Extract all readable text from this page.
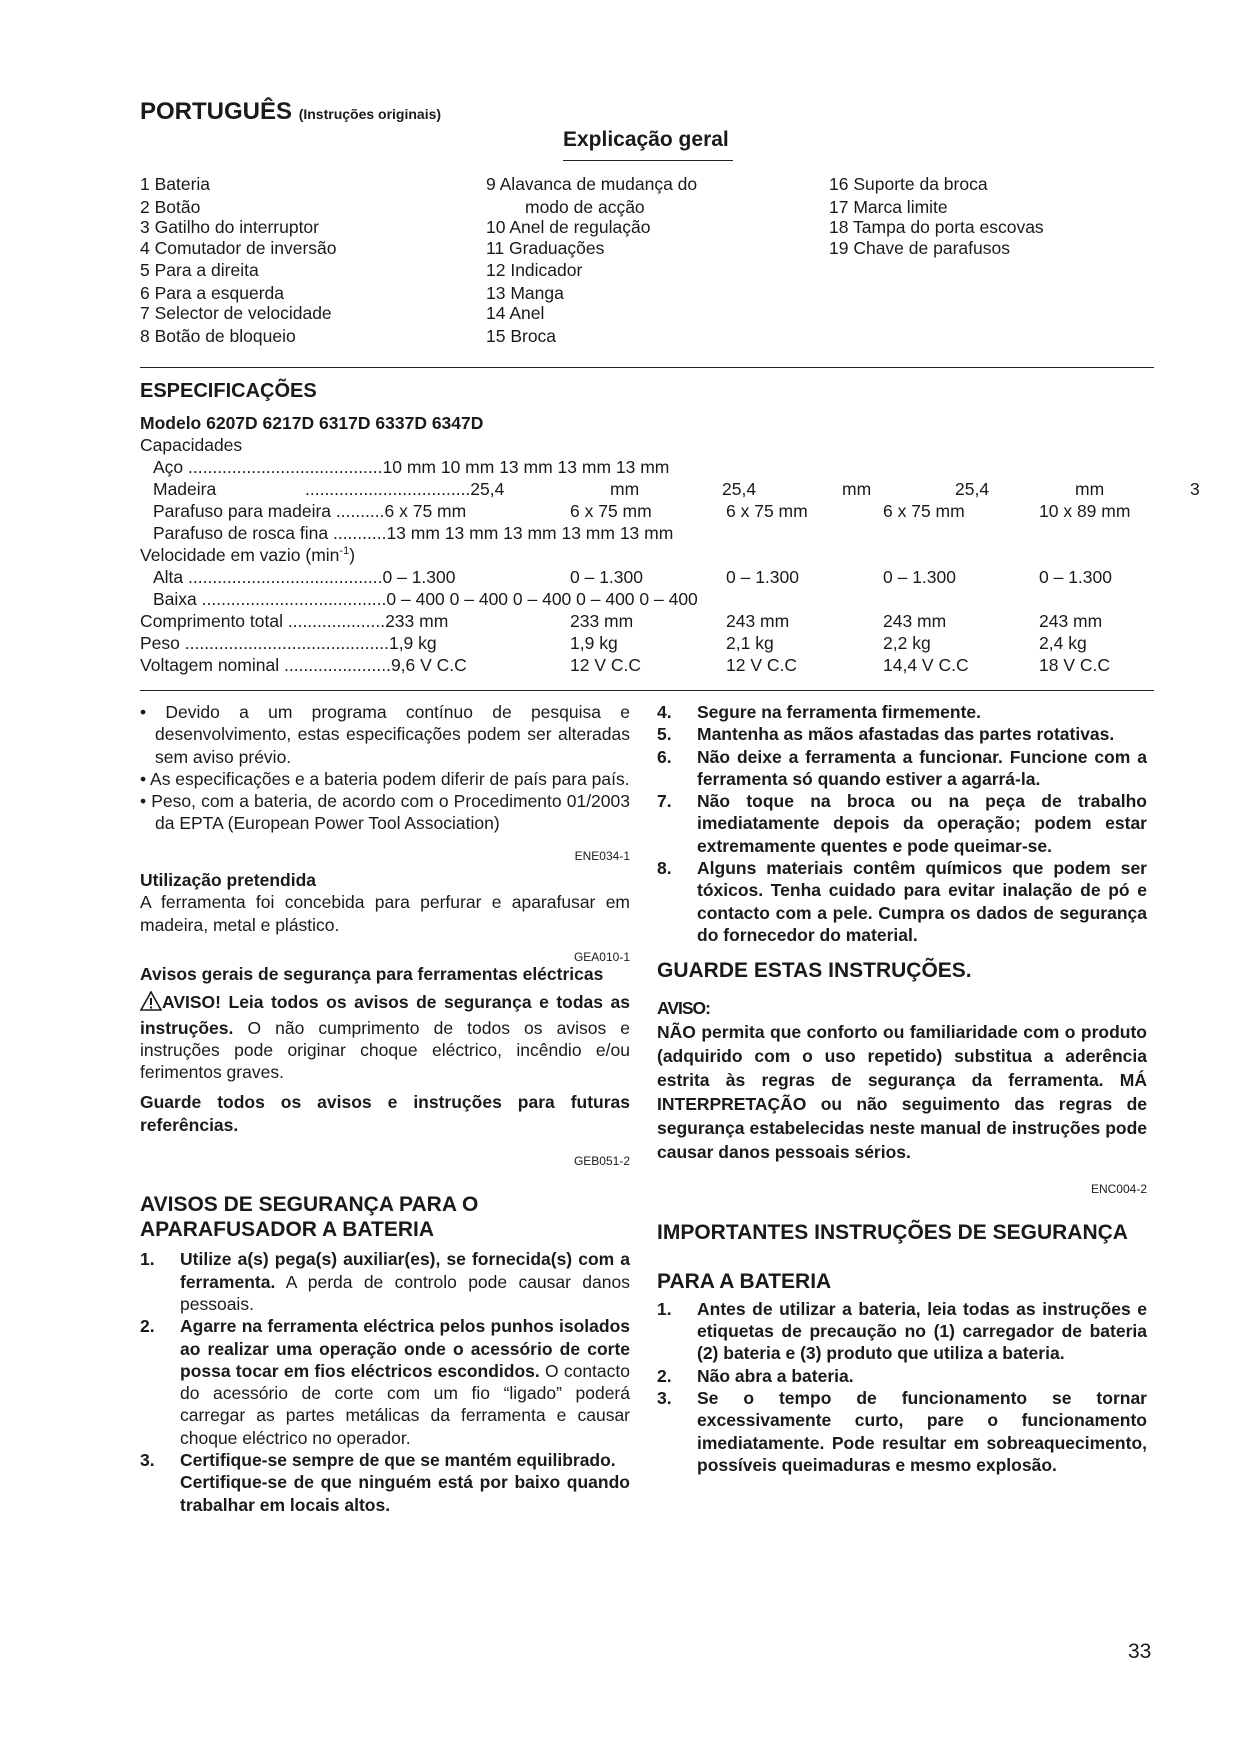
PORTUGUÊS (Instruções originais)
Explicação geral
1 Bateria
2 Botão
3 Gatilho do interruptor
4 Comutador de inversão
5 Para a direita
6 Para a esquerda
7 Selector de velocidade
8 Botão de bloqueio
9 Alavanca de mudança do
modo de acção
10 Anel de regulação
11 Graduações
12 Indicador
13 Manga
14 Anel
15 Broca
16 Suporte da broca
17 Marca limite
18 Tampa do porta escovas
19 Chave de parafusos
ESPECIFICAÇÕES
Modelo 6207D 6217D 6317D 6337D 6347D
Capacidades
Aço ........................................10 mm 10 mm 13 mm 13 mm 13 mm
Madeira	..................................25,4	mm	25,4	mm	25,4	mm	3
Parafuso para madeira ..........6 x 75 mm	6 x 75 mm	6 x 75 mm	6 x 75 mm	10 x 89 mm
Parafuso de rosca fina ...........13 mm 13 mm 13 mm 13 mm 13 mm
Velocidade em vazio $(\min^{-1})$
Alta ........................................0 – 1.300	0 – 1.300	0 – 1.300	0 – 1.300	0 – 1.300
Baixa ......................................0 – 400 0 – 400 0 – 400 0 – 400 0 – 400
Comprimento total ....................233 mm	233 mm	243 mm	243 mm	243 mm
Peso ..........................................1,9 kg	1,9 kg	2,1 kg	2,2 kg	2,4 kg
Voltagem nominal ......................9,6 V C.C	12 V C.C	12 V C.C	14,4 V C.C	18 V C.C

• Devido a um programa contínuo de pesquisa e desenvolvimento, estas especificações podem ser alteradas sem aviso prévio.

• As especificações e a bateria podem diferir de país para país.

• Peso, com a bateria, de acordo com o Procedimento 01/2003 da EPTA (European Power Tool Association)

ENE034-1

Utilização pretendida

A ferramenta foi concebida para perfurar e aparafusar em madeira, metal e plástico.

GEA010-1

Avisos gerais de segurança para ferramentas eléctricas

AVISO! Leia todos os avisos de segurança e todas as instruções. O não cumprimento de todos os avisos e instruções pode originar choque eléctrico, incêndio e/ou ferimentos graves.

Guarde todos os avisos e instruções para futuras referências.

GEB051-2

AVISOS DE SEGURANÇA PARA O APARAFUSADOR A BATERIA

1.	Utilize a(s) pega(s) auxiliar(es), se fornecida(s) com a ferramenta. A perda de controlo pode causar danos pessoais.
2.	Agarre na ferramenta eléctrica pelos punhos isolados ao realizar uma operação onde o acessório de corte possa tocar em fios eléctricos escondidos. O contacto do acessório de corte com um fio “ligado” poderá carregar as partes metálicas da ferramenta e causar choque eléctrico no operador.
3.	Certifique-se sempre de que se mantém equilibrado.
Certifique-se de que ninguém está por baixo quando trabalhar em locais altos.
4.	Segure na ferramenta firmemente.
5.	Mantenha as mãos afastadas das partes rotativas.
6.	Não deixe a ferramenta a funcionar. Funcione com a ferramenta só quando estiver a agarrá-la.
7.	Não toque na broca ou na peça de trabalho imediatamente depois da operação; podem estar extremamente quentes e pode queimar-se.
8.	Alguns materiais contêm químicos que podem ser tóxicos. Tenha cuidado para evitar inalação de pó e contacto com a pele. Cumpra os dados de segurança do fornecedor do material.

GUARDE ESTAS INSTRUÇÕES.

AVISO:

NÃO permita que conforto ou familiaridade com o produto (adquirido com o uso repetido) substitua a aderência estrita às regras de segurança da ferramenta. MÁ INTERPRETAÇÃO ou não seguimento das regras de segurança estabelecidas neste manual de instruções pode causar danos pessoais sérios.

ENC004-2

IMPORTANTES INSTRUÇÕES DE SEGURANÇA

PARA A BATERIA

1.	Antes de utilizar a bateria, leia todas as instruções e etiquetas de precaução no (1) carregador de bateria (2) bateria e (3) produto que utiliza a bateria.
2.	Não abra a bateria.
3.	Se o tempo de funcionamento se tornar excessivamente curto, pare o funcionamento imediatamente. Pode resultar em sobreaquecimento, possíveis queimaduras e mesmo explosão.
33
